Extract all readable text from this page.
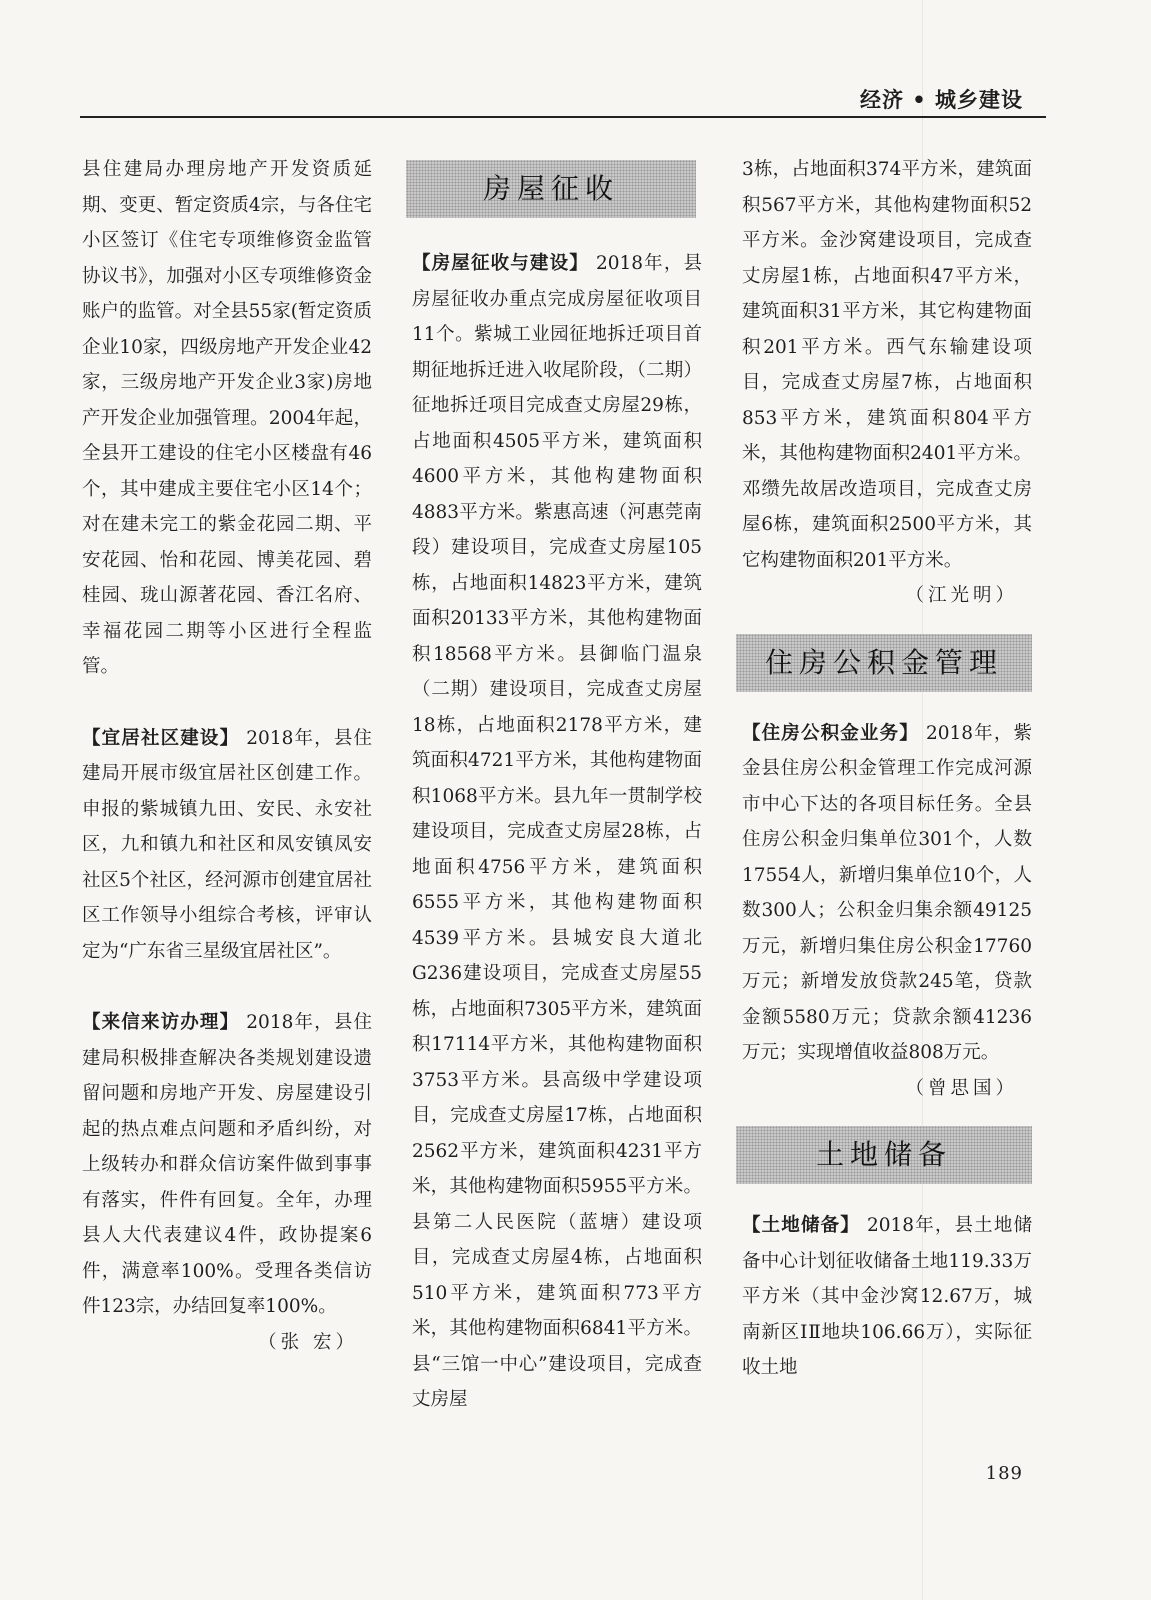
经济 • 城乡建设

县住建局办理房地产开发资质延期、变更、暂定资质4宗，与各住宅小区签订《住宅专项维修资金监管协议书》，加强对小区专项维修资金账户的监管。对全县55家(暂定资质企业10家，四级房地产开发企业42家，三级房地产开发企业3家)房地产开发企业加强管理。2004年起，全县开工建设的住宅小区楼盘有46个，其中建成主要住宅小区14个；对在建未完工的紫金花园二期、平安花园、怡和花园、博美花园、碧桂园、珑山源著花园、香江名府、幸福花园二期等小区进行全程监管。

【宜居社区建设】 2018年，县住建局开展市级宜居社区创建工作。申报的紫城镇九田、安民、永安社区，九和镇九和社区和凤安镇凤安社区5个社区，经河源市创建宜居社区工作领导小组综合考核，评审认定为“广东省三星级宜居社区”。

【来信来访办理】 2018年，县住建局积极排查解决各类规划建设遗留问题和房地产开发、房屋建设引起的热点难点问题和矛盾纠纷，对上级转办和群众信访案件做到事事有落实，件件有回复。全年，办理县人大代表建议4件，政协提案6件，满意率100%。受理各类信访件123宗，办结回复率100%。

（张 宏）

房屋征收

【房屋征收与建设】 2018年，县房屋征收办重点完成房屋征收项目11个。紫城工业园征地拆迁项目首期征地拆迁进入收尾阶段，（二期）征地拆迁项目完成查丈房屋29栋，占地面积4505平方米，建筑面积4600平方米，其他构建物面积4883平方米。紫惠高速（河惠莞南段）建设项目，完成查丈房屋105栋，占地面积14823平方米，建筑面积20133平方米，其他构建物面积18568平方米。县御临门温泉（二期）建设项目，完成查丈房屋18栋，占地面积2178平方米，建筑面积4721平方米，其他构建物面积1068平方米。县九年一贯制学校建设项目，完成查丈房屋28栋，占地面积4756平方米，建筑面积6555平方米，其他构建物面积4539平方米。县城安良大道北G236建设项目，完成查丈房屋55栋，占地面积7305平方米，建筑面积17114平方米，其他构建物面积3753平方米。县高级中学建设项目，完成查丈房屋17栋，占地面积2562平方米，建筑面积4231平方米，其他构建物面积5955平方米。县第二人民医院（蓝塘）建设项目，完成查丈房屋4栋，占地面积510平方米，建筑面积773平方米，其他构建物面积6841平方米。县“三馆一中心”建设项目，完成查丈房屋

3栋，占地面积374平方米，建筑面积567平方米，其他构建物面积52平方米。金沙窝建设项目，完成查丈房屋1栋，占地面积47平方米，建筑面积31平方米，其它构建物面积201平方米。西气东输建设项目，完成查丈房屋7栋，占地面积853平方米，建筑面积804平方米，其他构建物面积2401平方米。邓缵先故居改造项目，完成查丈房屋6栋，建筑面积2500平方米，其它构建物面积201平方米。

（江光明）

住房公积金管理

【住房公积金业务】 2018年，紫金县住房公积金管理工作完成河源市中心下达的各项目标任务。全县住房公积金归集单位301个，人数17554人，新增归集单位10个，人数300人；公积金归集余额49125万元，新增归集住房公积金17760万元；新增发放贷款245笔，贷款金额5580万元；贷款余额41236万元；实现增值收益808万元。

（曾思国）

土地储备

【土地储备】 2018年，县土地储备中心计划征收储备土地119.33万平方米（其中金沙窝12.67万，城南新区ⅠⅡ地块106.66万），实际征收土地

189
